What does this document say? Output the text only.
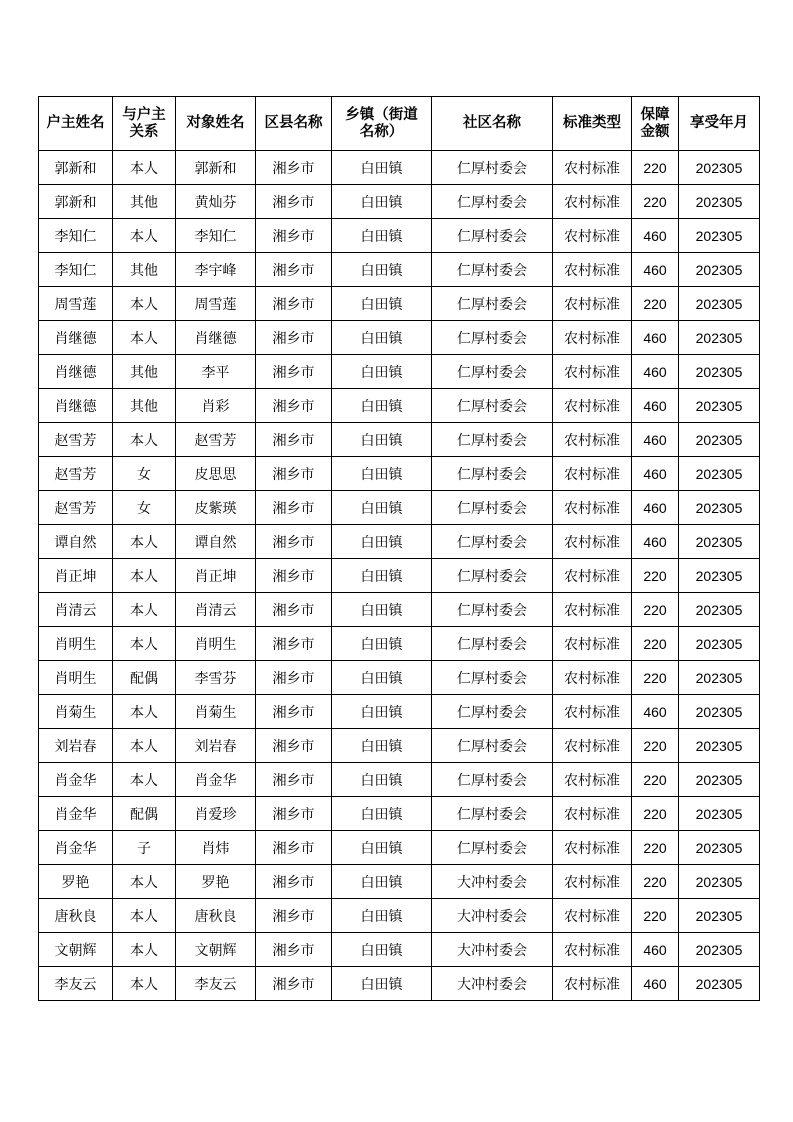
户主姓名	与户主关系	对象姓名	区县名称	乡镇（街道名称）	社区名称	标准类型	保障金额	享受年月
郭新和	本人	郭新和	湘乡市	白田镇	仁厚村委会	农村标准	220	202305
郭新和	其他	黄灿芬	湘乡市	白田镇	仁厚村委会	农村标准	220	202305
李知仁	本人	李知仁	湘乡市	白田镇	仁厚村委会	农村标准	460	202305
李知仁	其他	李宇峰	湘乡市	白田镇	仁厚村委会	农村标准	460	202305
周雪莲	本人	周雪莲	湘乡市	白田镇	仁厚村委会	农村标准	220	202305
肖继德	本人	肖继德	湘乡市	白田镇	仁厚村委会	农村标准	460	202305
肖继德	其他	李平	湘乡市	白田镇	仁厚村委会	农村标准	460	202305
肖继德	其他	肖彩	湘乡市	白田镇	仁厚村委会	农村标准	460	202305
赵雪芳	本人	赵雪芳	湘乡市	白田镇	仁厚村委会	农村标准	460	202305
赵雪芳	女	皮思思	湘乡市	白田镇	仁厚村委会	农村标准	460	202305
赵雪芳	女	皮紫瑛	湘乡市	白田镇	仁厚村委会	农村标准	460	202305
谭自然	本人	谭自然	湘乡市	白田镇	仁厚村委会	农村标准	460	202305
肖正坤	本人	肖正坤	湘乡市	白田镇	仁厚村委会	农村标准	220	202305
肖清云	本人	肖清云	湘乡市	白田镇	仁厚村委会	农村标准	220	202305
肖明生	本人	肖明生	湘乡市	白田镇	仁厚村委会	农村标准	220	202305
肖明生	配偶	李雪芬	湘乡市	白田镇	仁厚村委会	农村标准	220	202305
肖菊生	本人	肖菊生	湘乡市	白田镇	仁厚村委会	农村标准	460	202305
刘岩春	本人	刘岩春	湘乡市	白田镇	仁厚村委会	农村标准	220	202305
肖金华	本人	肖金华	湘乡市	白田镇	仁厚村委会	农村标准	220	202305
肖金华	配偶	肖爱珍	湘乡市	白田镇	仁厚村委会	农村标准	220	202305
肖金华	子	肖炜	湘乡市	白田镇	仁厚村委会	农村标准	220	202305
罗艳	本人	罗艳	湘乡市	白田镇	大冲村委会	农村标准	220	202305
唐秋良	本人	唐秋良	湘乡市	白田镇	大冲村委会	农村标准	220	202305
文朝辉	本人	文朝辉	湘乡市	白田镇	大冲村委会	农村标准	460	202305
李友云	本人	李友云	湘乡市	白田镇	大冲村委会	农村标准	460	202305
